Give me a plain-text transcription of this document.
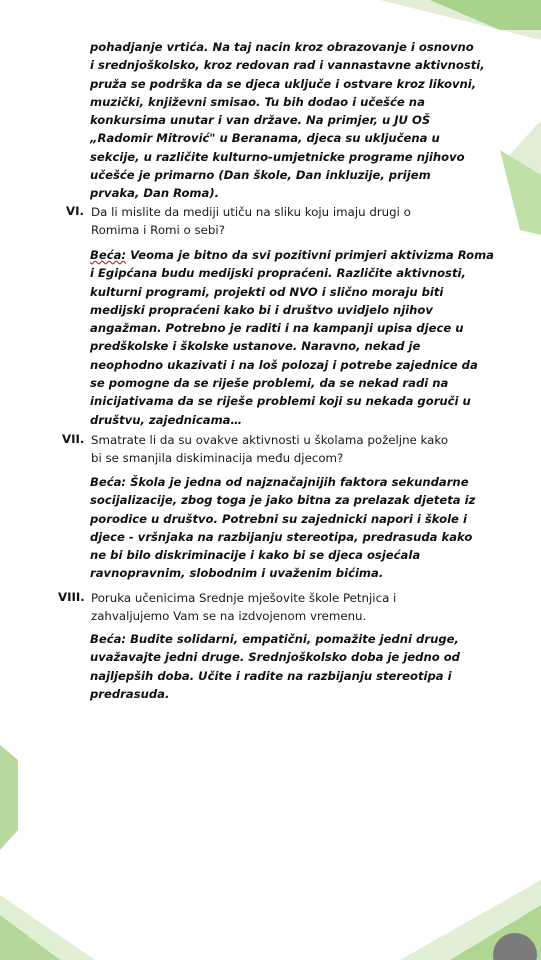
pohadjanje vrtića. Na taj nacin kroz obrazovanje i osnovno
i srednjoškolsko, kroz redovan rad i vannastavne aktivnosti,
pruža se podrška da se djeca uključe i ostvare kroz likovni,
muzički, književni smisao. Tu bih dodao i učešće na
konkursima unutar i van države. Na primjer, u JU OŠ
„Radomir Mitrović" u Beranama, djeca su uključena u
sekcije, u različite kulturno-umjetnicke programe njihovo
učešće je primarno (Dan škole, Dan inkluzije, prijem
prvaka, Dan Roma).
VI. Da li mislite da mediji utiču na sliku koju imaju drugi o
Romima i Romi o sebi?
Beća: Veoma je bitno da svi pozitivni primjeri aktivizma Roma
i Egipćana budu medijski propraćeni. Različite aktivnosti,
kulturni programi, projekti od NVO i slično moraju biti
medijski propraćeni kako bi i društvo uvidjelo njihov
angažman. Potrebno je raditi i na kampanji upisa djece u
predškolske i školske ustanove. Naravno, nekad je
neophodno ukazivati i na loš polozaj i potrebe zajednice da
se pomogne da se riješe problemi, da se nekad radi na
inicijativama da se riješe problemi koji su nekada goruči u
društvu, zajednicama…
VII. Smatrate li da su ovakve aktivnosti u školama poželjne kako
bi se smanjila diskiminacija među djecom?
Beća: Škola je jedna od najznačajnijih faktora sekundarne
socijalizacije, zbog toga je jako bitna za prelazak djeteta iz
porodice u društvo. Potrebni su zajednicki napori i škole i
djece - vršnjaka na razbijanju stereotipa, predrasuda kako
ne bi bilo diskriminacije i kako bi se djeca osjećala
ravnopravnim, slobodnim i uvaženim bićima.
VIII. Poruka učenicima Srednje mješovite škole Petnjica i
zahvaljujemo Vam se na izdvojenom vremenu.
Beća: Budite solidarni, empatični, pomažite jedni druge,
uvažavajte jedni druge. Srednjoškolsko doba je jedno od
najljepših doba. Učite i radite na razbijanju stereotipa i
predrasuda.
